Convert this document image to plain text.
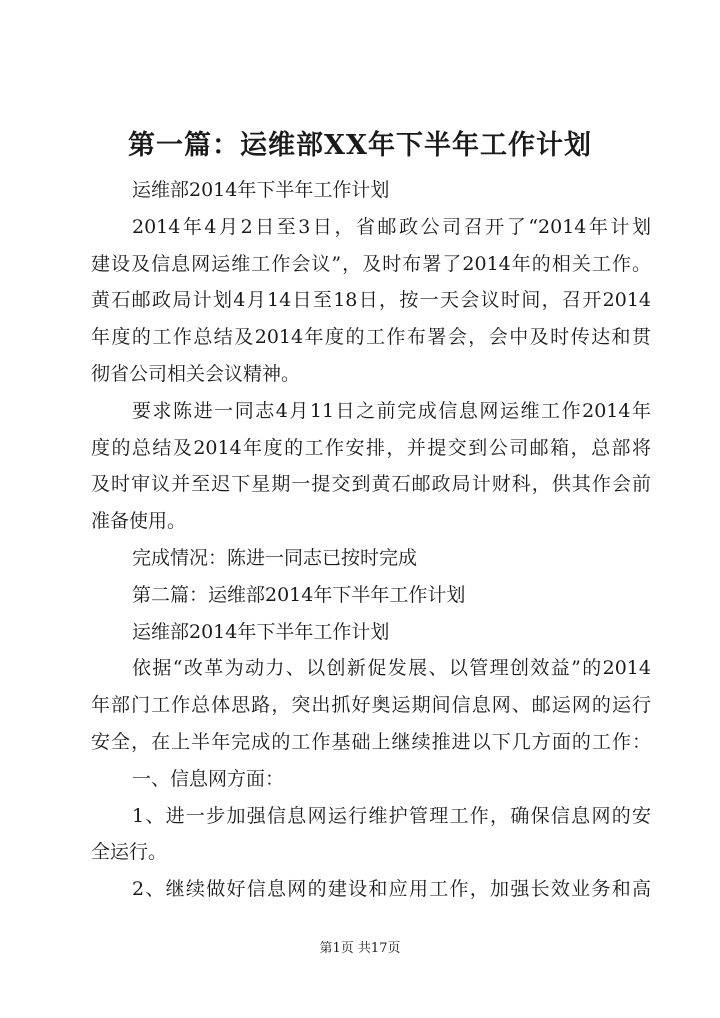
第一篇：运维部XX年下半年工作计划
运维部2014年下半年工作计划
2014年4月2日至3日，省邮政公司召开了“2014年计划
建设及信息网运维工作会议”，及时布署了2014年的相关工作。
黄石邮政局计划4月14日至18日，按一天会议时间，召开2014
年度的工作总结及2014年度的工作布署会，会中及时传达和贯
彻省公司相关会议精神。
要求陈进一同志4月11日之前完成信息网运维工作2014年
度的总结及2014年度的工作安排，并提交到公司邮箱，总部将
及时审议并至迟下星期一提交到黄石邮政局计财科，供其作会前
准备使用。
完成情况：陈进一同志已按时完成
第二篇：运维部2014年下半年工作计划
运维部2014年下半年工作计划
依据“改革为动力、以创新促发展、以管理创效益”的2014
年部门工作总体思路，突出抓好奥运期间信息网、邮运网的运行
安全，在上半年完成的工作基础上继续推进以下几方面的工作：
一、信息网方面：
1、进一步加强信息网运行维护管理工作，确保信息网的安
全运行。
2、继续做好信息网的建设和应用工作，加强长效业务和高
第1页 共17页
